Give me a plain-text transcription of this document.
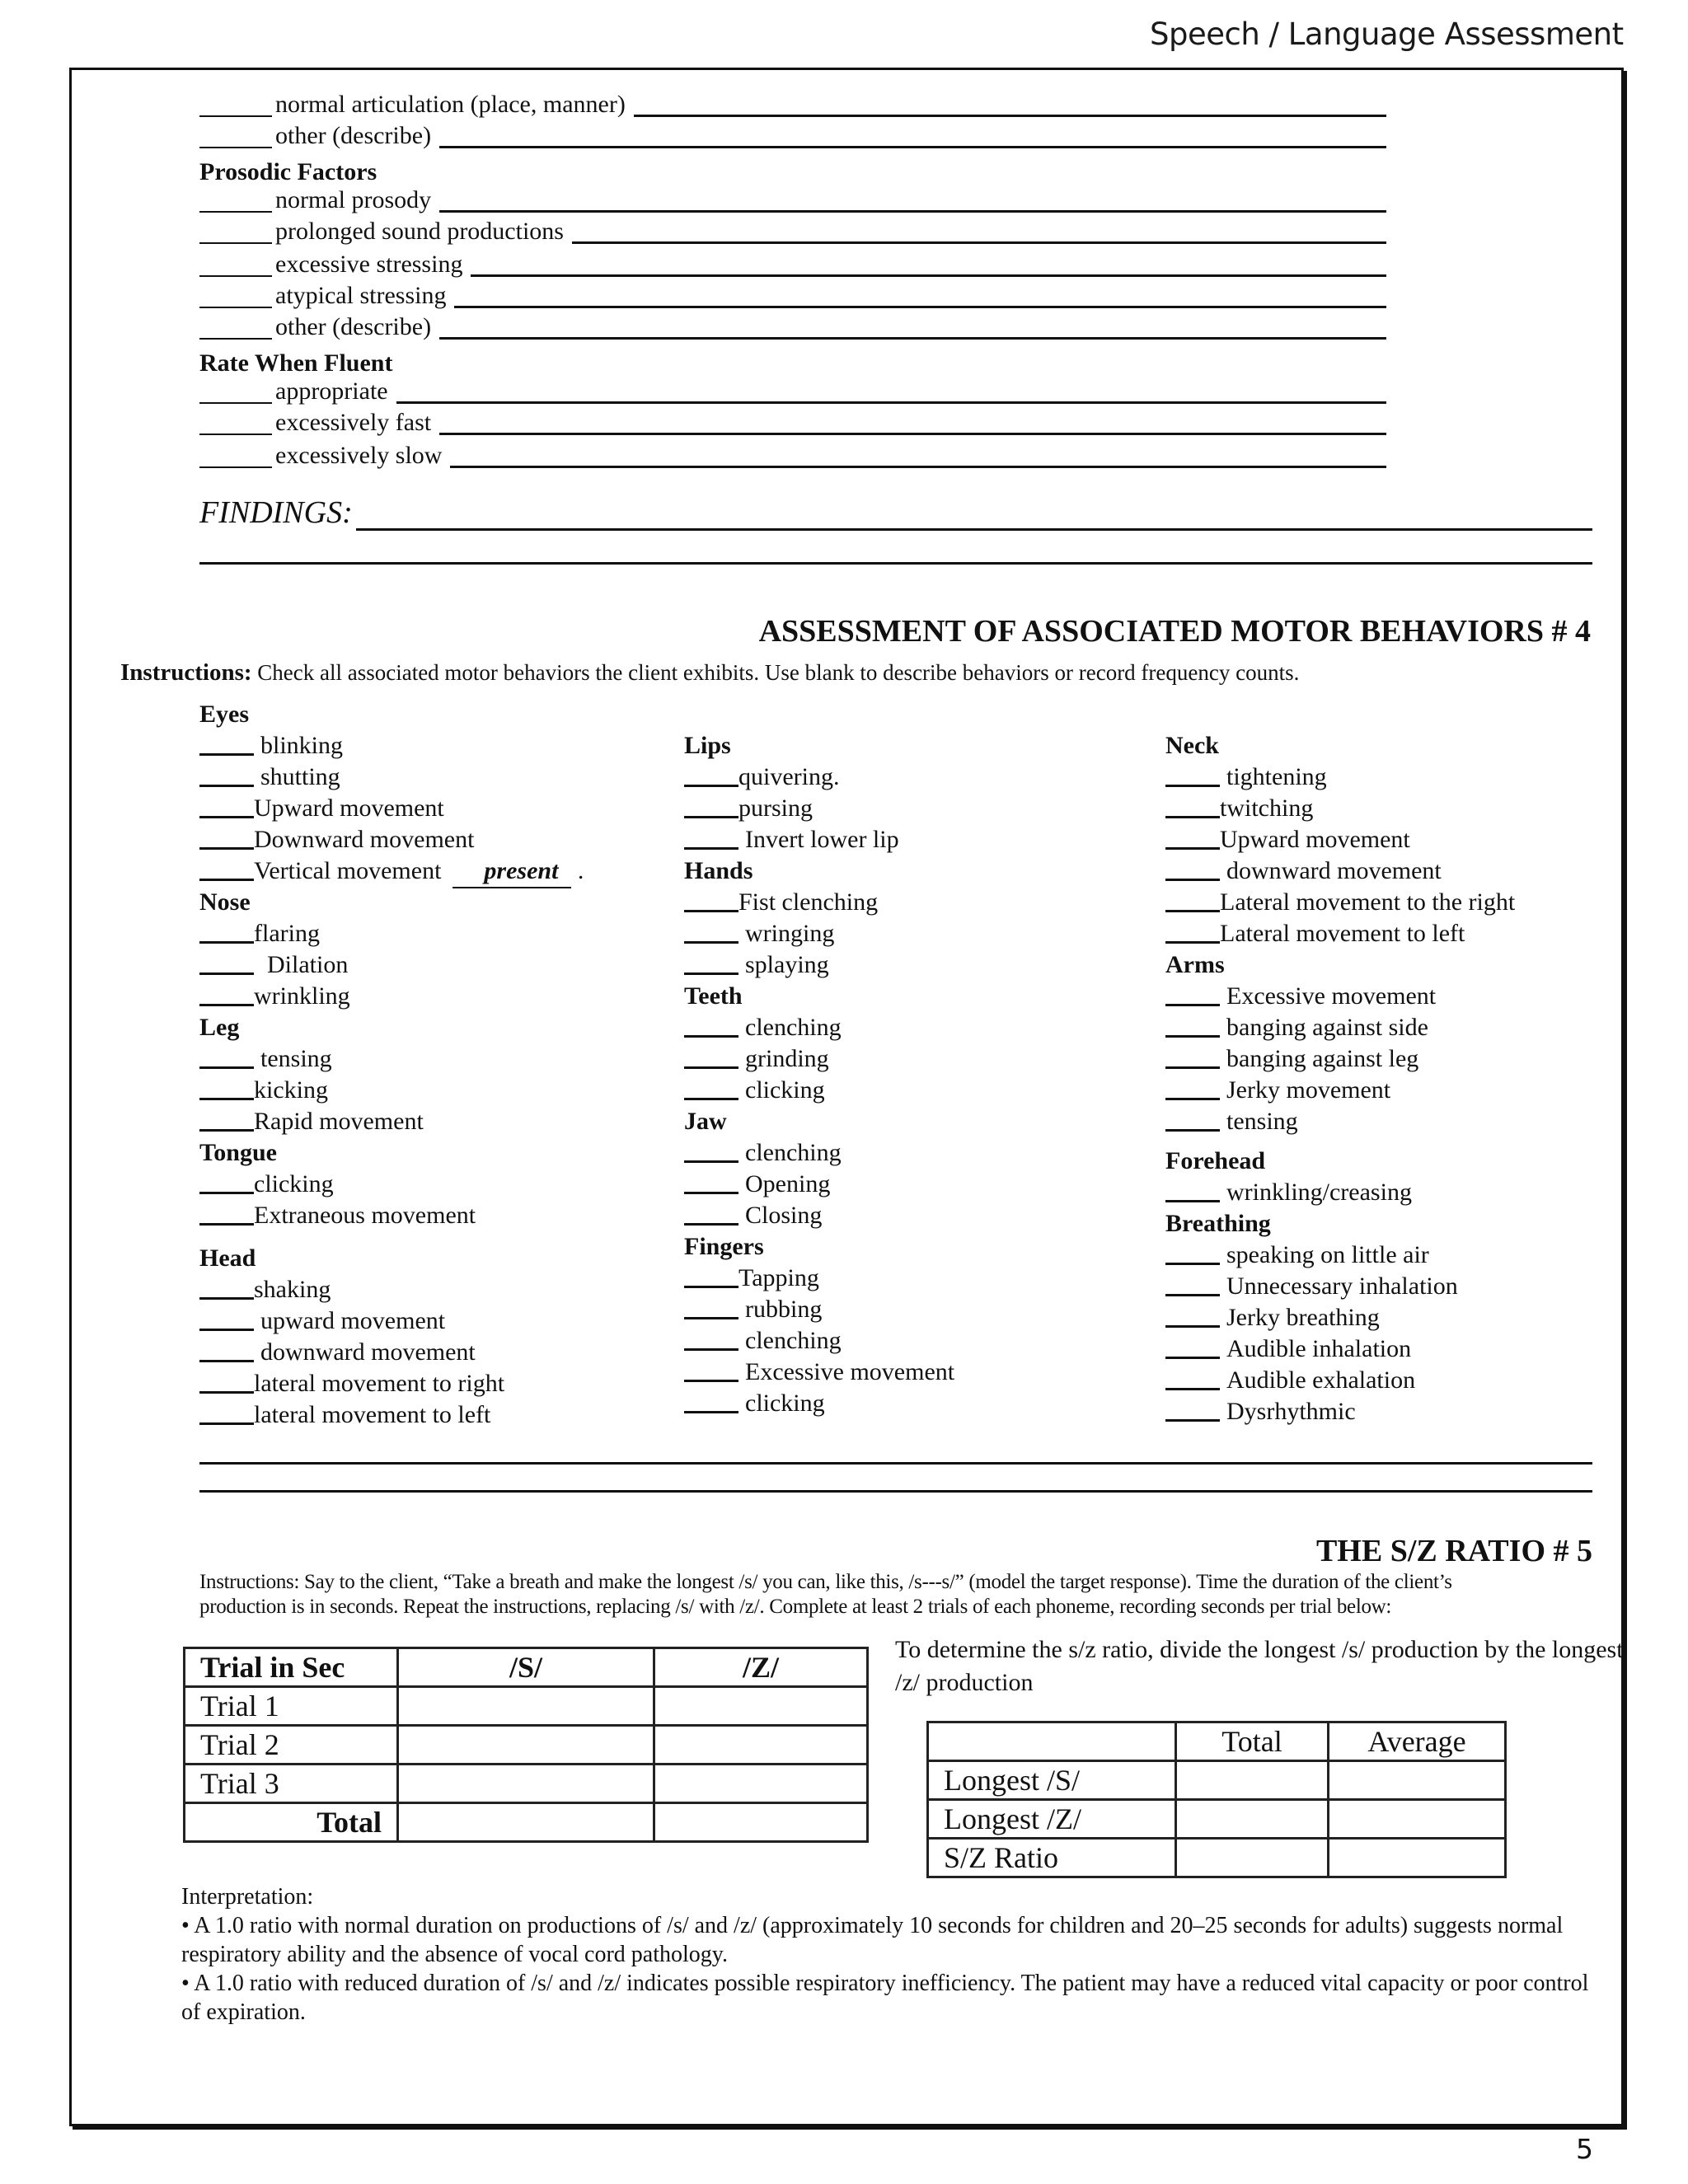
Speech / Language Assessment
normal articulation (place, manner)
other (describe)
Prosodic Factors
normal prosody
prolonged sound productions
excessive stressing
atypical stressing
other (describe)
Rate When Fluent
appropriate
excessively fast
excessively slow
FINDINGS:
ASSESSMENT OF ASSOCIATED MOTOR BEHAVIORS # 4
Instructions: Check all associated motor behaviors the client exhibits. Use blank to describe behaviors or record frequency counts.
Eyes
blinking
shutting
Upward movement
Downward movement
Vertical movement present .
Nose
flaring
Dilation
wrinkling
Leg
tensing
kicking
Rapid movement
Tongue
clicking
Extraneous movement
Head
shaking
upward movement
downward movement
lateral movement to right
lateral movement to left
Lips
quivering.
pursing
Invert lower lip
Hands
Fist clenching
wringing
splaying
Teeth
clenching
grinding
clicking
Jaw
clenching
Opening
Closing
Fingers
Tapping
rubbing
clenching
Excessive movement
clicking
Neck
tightening
twitching
Upward movement
downward movement
Lateral movement to the right
Lateral movement to left
Arms
Excessive movement
banging against side
banging against leg
Jerky movement
tensing
Forehead
wrinkling/creasing
Breathing
speaking on little air
Unnecessary inhalation
Jerky breathing
Audible inhalation
Audible exhalation
Dysrhythmic
THE S/Z RATIO # 5
Instructions: Say to the client, “Take a breath and make the longest /s/ you can, like this, /s---s/” (model the target response). Time the duration of the client’s
production is in seconds. Repeat the instructions, replacing /s/ with /z/. Complete at least 2 trials of each phoneme, recording seconds per trial below:
Trial in Sec	/S/	/Z/
Trial 1		
Trial 2		
Trial 3		
Total		
To determine the s/z ratio, divide the longest /s/ production by the longest /z/ production
	Total	Average
Longest /S/		
Longest /Z/		
S/Z Ratio		

Interpretation:

• A 1.0 ratio with normal duration on productions of /s/ and /z/ (approximately 10 seconds for children and 20–25 seconds for adults) suggests normal respiratory ability and the absence of vocal cord pathology.

• A 1.0 ratio with reduced duration of /s/ and /z/ indicates possible respiratory inefficiency. The patient may have a reduced vital capacity or poor control of expiration.

5
